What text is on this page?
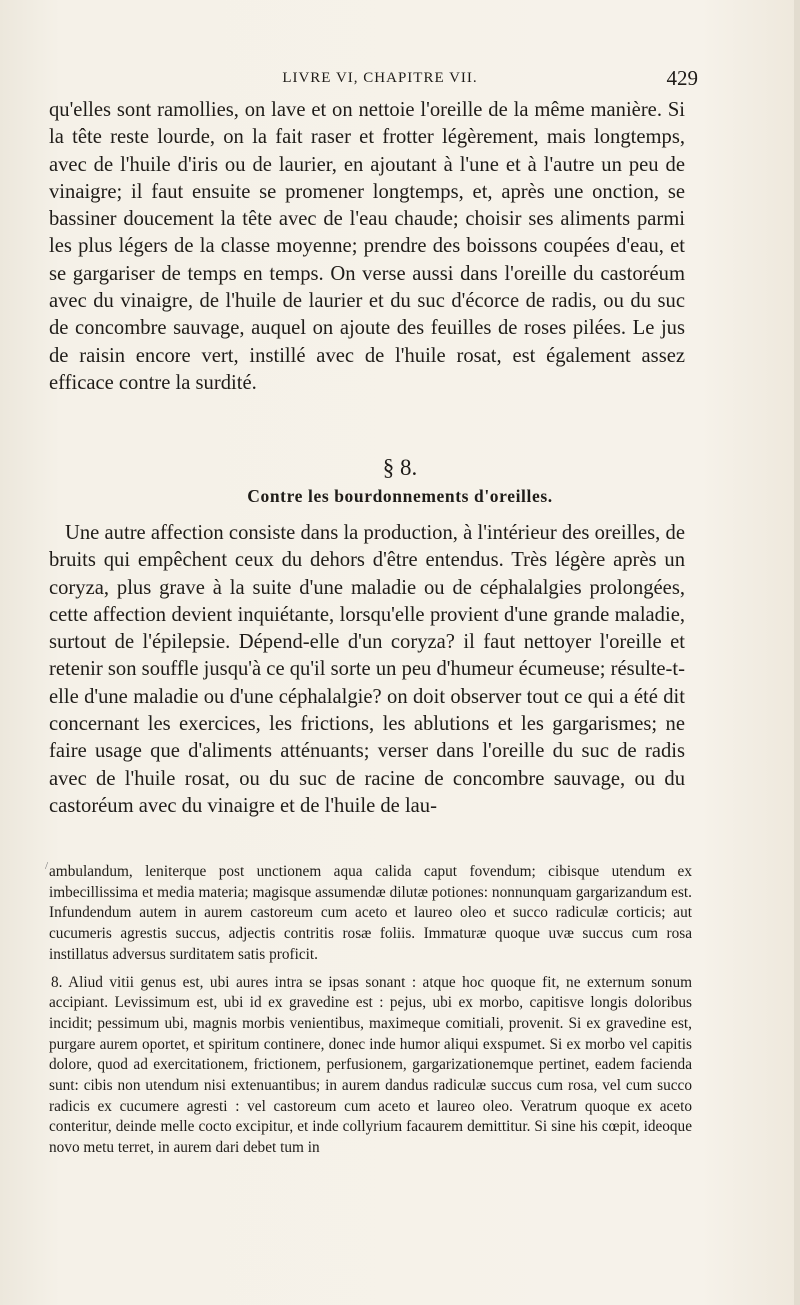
LIVRE VI, CHAPITRE VII.	429

qu'elles sont ramollies, on lave et on nettoie l'oreille de la même manière. Si la tête reste lourde, on la fait raser et frotter légèrement, mais longtemps, avec de l'huile d'iris ou de laurier, en ajoutant à l'une et à l'autre un peu de vinaigre; il faut ensuite se promener longtemps, et, après une onction, se bassiner doucement la tête avec de l'eau chaude; choisir ses aliments parmi les plus légers de la classe moyenne; prendre des boissons coupées d'eau, et se gargariser de temps en temps. On verse aussi dans l'oreille du castoréum avec du vinaigre, de l'huile de laurier et du suc d'écorce de radis, ou du suc de concombre sauvage, auquel on ajoute des feuilles de roses pilées. Le jus de raisin encore vert, instillé avec de l'huile rosat, est également assez efficace contre la surdité.

§ 8.
Contre les bourdonnements d'oreilles.

Une autre affection consiste dans la production, à l'intérieur des oreilles, de bruits qui empêchent ceux du dehors d'être entendus. Très légère après un coryza, plus grave à la suite d'une maladie ou de céphalalgies prolongées, cette affection devient inquiétante, lorsqu'elle provient d'une grande maladie, surtout de l'épilepsie. Dépend-elle d'un coryza? il faut nettoyer l'oreille et retenir son souffle jusqu'à ce qu'il sorte un peu d'humeur écumeuse; résulte-t-elle d'une maladie ou d'une céphalalgie? on doit observer tout ce qui a été dit concernant les exercices, les frictions, les ablutions et les gargarismes; ne faire usage que d'aliments atténuants; verser dans l'oreille du suc de radis avec de l'huile rosat, ou du suc de racine de concombre sauvage, ou du castoréum avec du vinaigre et de l'huile de lau-

/ ambulandum, leniterque post unctionem aqua calida caput fovendum; cibisque utendum ex imbecillissima et media materia; magisque assumendæ dilutæ potiones: nonnunquam gargarizandum est. Infundendum autem in aurem castoreum cum aceto et laureo oleo et succo radiculæ corticis; aut cucumeris agrestis succus, adjectis contritis rosæ foliis. Immaturæ quoque uvæ succus cum rosa instillatus adversus surditatem satis proficit.

8. Aliud vitii genus est, ubi aures intra se ipsas sonant : atque hoc quoque fit, ne externum sonum accipiant. Levissimum est, ubi id ex gravedine est : pejus, ubi ex morbo, capitisve longis doloribus incidit; pessimum ubi, magnis morbis venientibus, maximeque comitiali, provenit. Si ex gravedine est, purgare aurem oportet, et spiritum continere, donec inde humor aliqui exspumet. Si ex morbo vel capitis dolore, quod ad exercitationem, frictionem, perfusionem, gargarizationemque pertinet, eadem facienda sunt: cibis non utendum nisi extenuantibus; in aurem dandus radiculæ succus cum rosa, vel cum succo radicis ex cucumere agresti : vel castoreum cum aceto et laureo oleo. Veratrum quoque ex aceto conteritur, deinde melle cocto excipitur, et inde collyrium facaurem demittitur. Si sine his cœpit, ideoque novo metu terret, in aurem dari debet tum in
